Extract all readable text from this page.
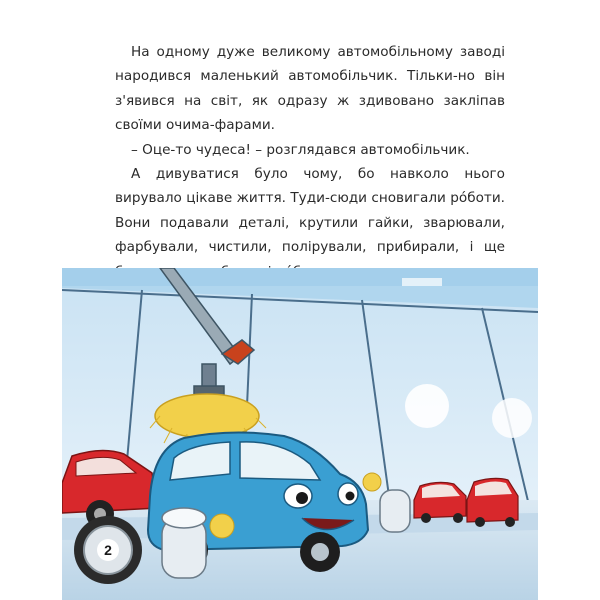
На одному дуже великому автомобільному заводі народився маленький автомобільчик. Тільки-но він з'явився на світ, як одразу ж здивовано заклiпав своїми очима-фарами.

– Оце-то чудеса! – розглядався автомобільчик.

А дивуватися було чому, бо навколо нього вирувало цікаве життя. Туди-сюди сновигали рóботи. Вони подавали деталі, крутили гайки, зварювали, фарбували, чистили, полірували, прибирали, і ще

2
